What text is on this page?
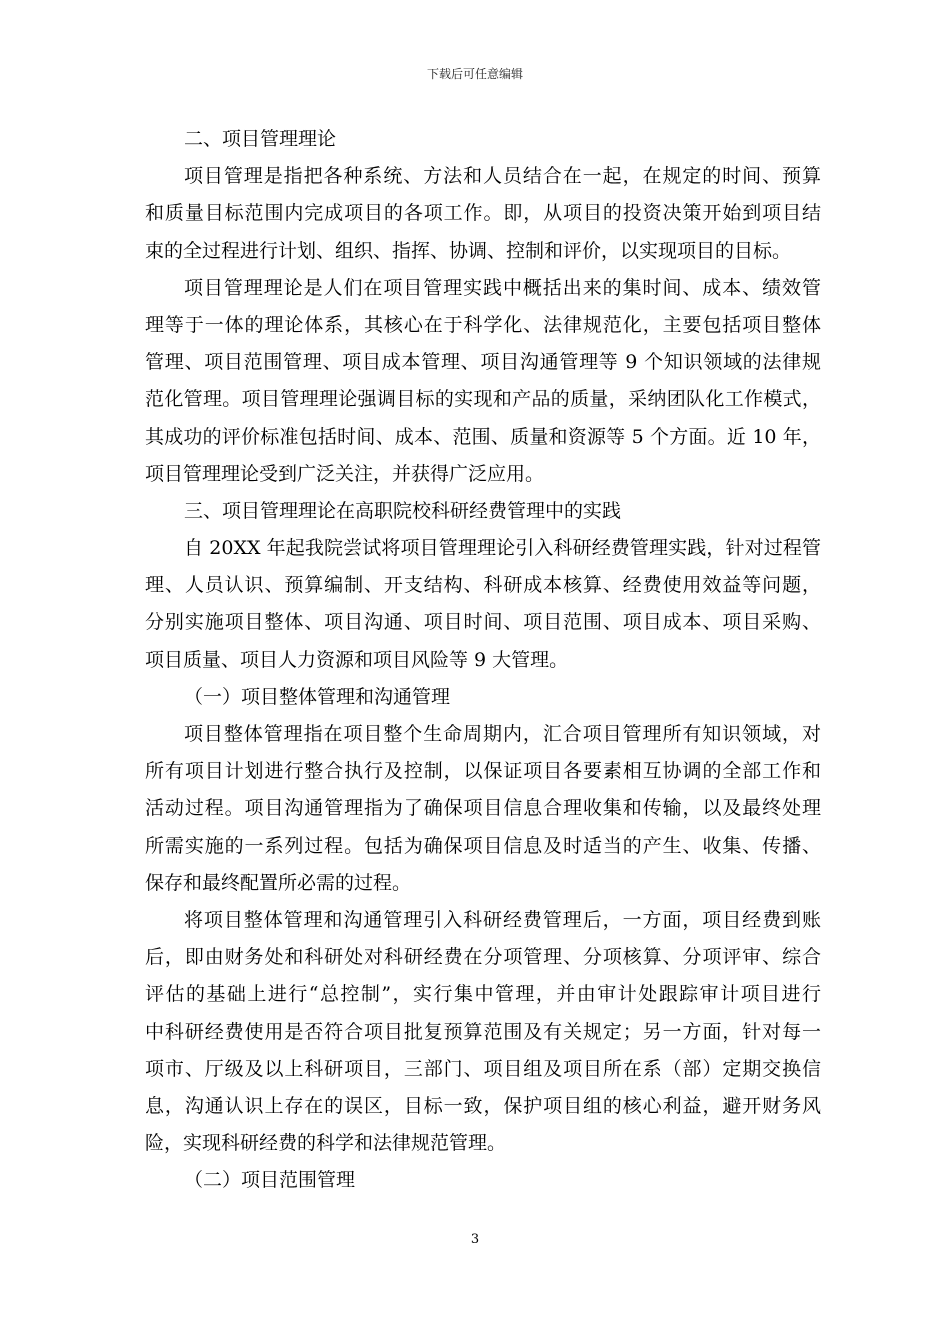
下载后可任意编辑
二、项目管理理论
项目管理是指把各种系统、方法和人员结合在一起，在规定的时间、预算
和质量目标范围内完成项目的各项工作。即，从项目的投资决策开始到项目结
束的全过程进行计划、组织、指挥、协调、控制和评价，以实现项目的目标。
项目管理理论是人们在项目管理实践中概括出来的集时间、成本、绩效管
理等于一体的理论体系，其核心在于科学化、法律规范化，主要包括项目整体
管理、项目范围管理、项目成本管理、项目沟通管理等 9 个知识领域的法律规
范化管理。项目管理理论强调目标的实现和产品的质量，采纳团队化工作模式，
其成功的评价标准包括时间、成本、范围、质量和资源等 5 个方面。近 10 年，
项目管理理论受到广泛关注，并获得广泛应用。
三、项目管理理论在高职院校科研经费管理中的实践
自 20XX 年起我院尝试将项目管理理论引入科研经费管理实践，针对过程管
理、人员认识、预算编制、开支结构、科研成本核算、经费使用效益等问题，
分别实施项目整体、项目沟通、项目时间、项目范围、项目成本、项目采购、
项目质量、项目人力资源和项目风险等 9 大管理。
（一）项目整体管理和沟通管理
项目整体管理指在项目整个生命周期内，汇合项目管理所有知识领域，对
所有项目计划进行整合执行及控制，以保证项目各要素相互协调的全部工作和
活动过程。项目沟通管理指为了确保项目信息合理收集和传输，以及最终处理
所需实施的一系列过程。包括为确保项目信息及时适当的产生、收集、传播、
保存和最终配置所必需的过程。
将项目整体管理和沟通管理引入科研经费管理后，一方面，项目经费到账
后，即由财务处和科研处对科研经费在分项管理、分项核算、分项评审、综合
评估的基础上进行“总控制”，实行集中管理，并由审计处跟踪审计项目进行
中科研经费使用是否符合项目批复预算范围及有关规定；另一方面，针对每一
项市、厅级及以上科研项目，三部门、项目组及项目所在系（部）定期交换信
息，沟通认识上存在的误区，目标一致，保护项目组的核心利益，避开财务风
险，实现科研经费的科学和法律规范管理。
（二）项目范围管理
3
